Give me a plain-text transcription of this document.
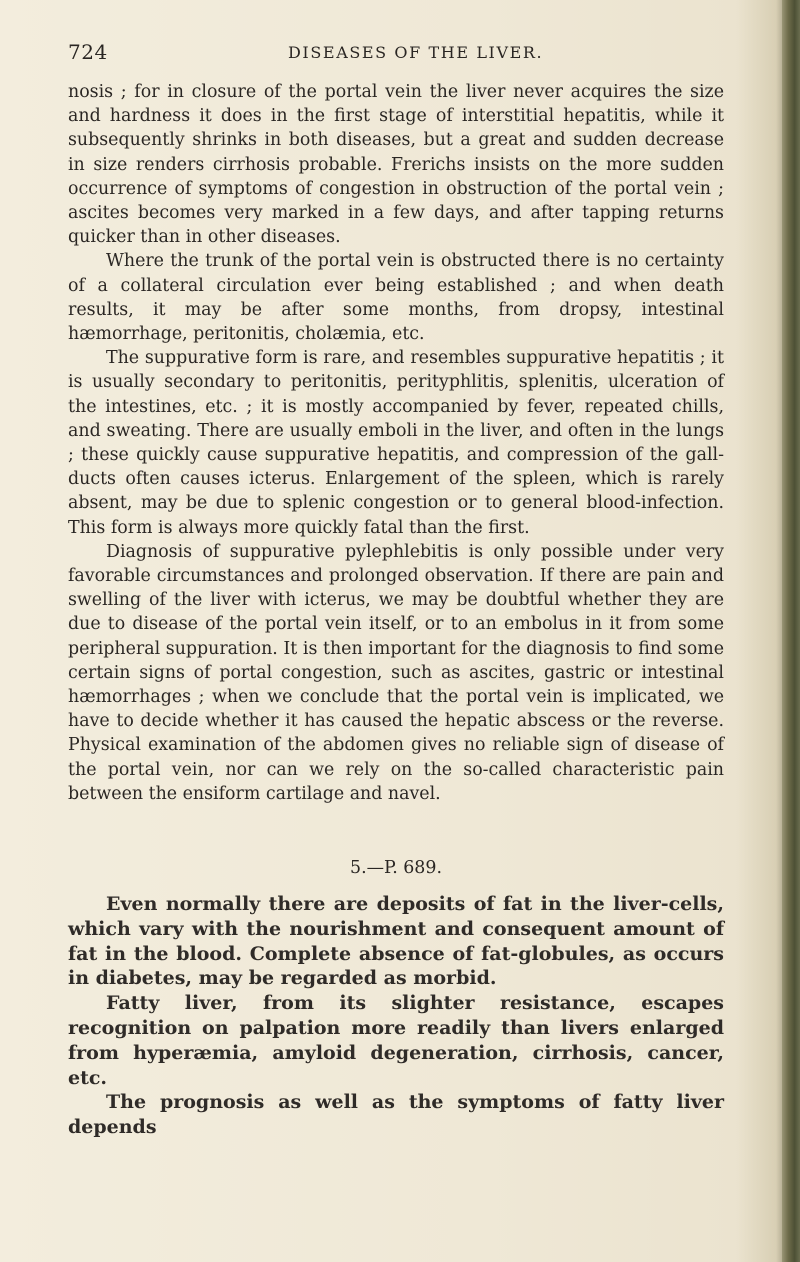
724	DISEASES OF THE LIVER.

nosis ; for in closure of the portal vein the liver never acquires the size and hardness it does in the first stage of interstitial hepatitis, while it subsequently shrinks in both diseases, but a great and sudden decrease in size renders cirrhosis probable. Frerichs insists on the more sudden occurrence of symptoms of congestion in obstruction of the portal vein ; ascites becomes very marked in a few days, and after tapping returns quicker than in other diseases.

Where the trunk of the portal vein is obstructed there is no certainty of a collateral circulation ever being established ; and when death results, it may be after some months, from dropsy, intestinal hæmorrhage, peritonitis, cholæmia, etc.

The suppurative form is rare, and resembles suppurative hepatitis ; it is usually secondary to peritonitis, perityphlitis, splenitis, ulceration of the intestines, etc. ; it is mostly accompanied by fever, repeated chills, and sweating. There are usually emboli in the liver, and often in the lungs ; these quickly cause suppurative hepatitis, and compression of the gall-ducts often causes icterus. Enlargement of the spleen, which is rarely absent, may be due to splenic congestion or to general blood-infection. This form is always more quickly fatal than the first.

Diagnosis of suppurative pylephlebitis is only possible under very favorable circumstances and prolonged observation. If there are pain and swelling of the liver with icterus, we may be doubtful whether they are due to disease of the portal vein itself, or to an embolus in it from some peripheral suppuration. It is then important for the diagnosis to find some certain signs of portal congestion, such as ascites, gastric or intestinal hæmorrhages ; when we conclude that the portal vein is implicated, we have to decide whether it has caused the hepatic abscess or the reverse. Physical examination of the abdomen gives no reliable sign of disease of the portal vein, nor can we rely on the so-called characteristic pain between the ensiform cartilage and navel.

5.—P. 689.

Even normally there are deposits of fat in the liver-cells, which vary with the nourishment and consequent amount of fat in the blood. Complete absence of fat-globules, as occurs in diabetes, may be regarded as morbid.

Fatty liver, from its slighter resistance, escapes recognition on palpation more readily than livers enlarged from hyperæmia, amyloid degeneration, cirrhosis, cancer, etc.

The prognosis as well as the symptoms of fatty liver depends
